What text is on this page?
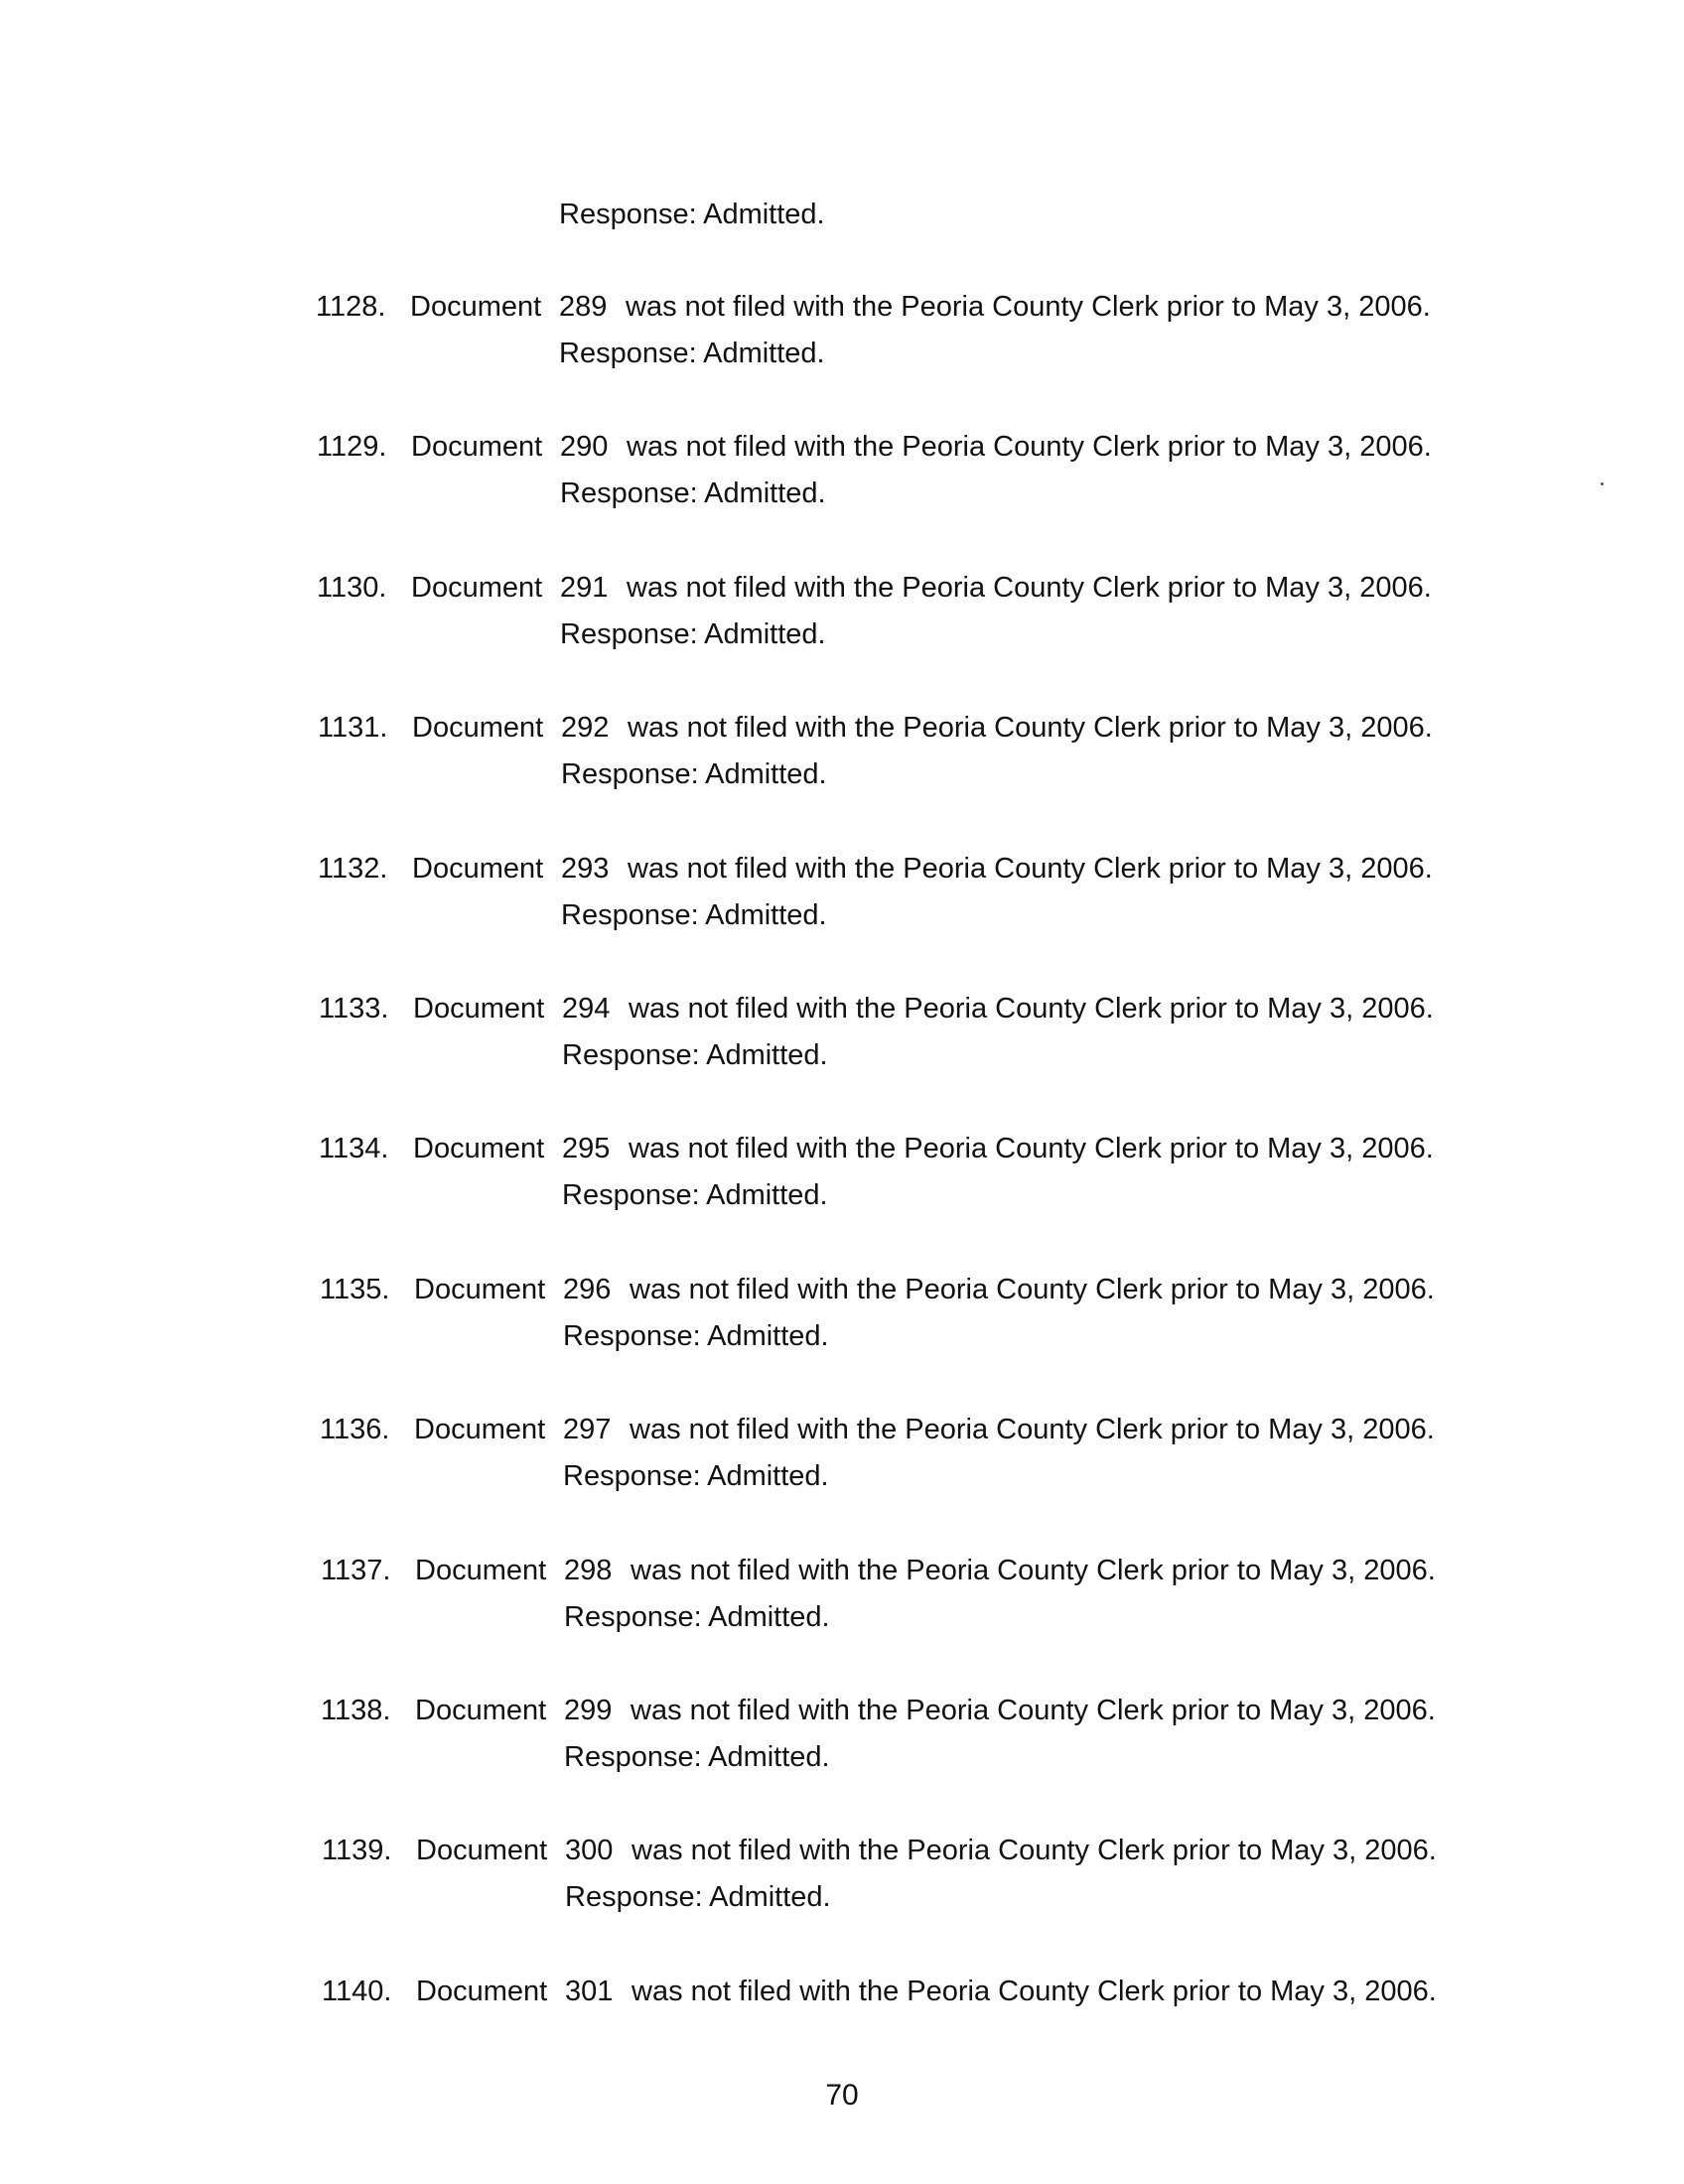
Response: Admitted.
1128. Document 289 was not filed with the Peoria County Clerk prior to May 3, 2006.
Response: Admitted.
1129. Document 290 was not filed with the Peoria County Clerk prior to May 3, 2006.
Response: Admitted.
1130. Document 291 was not filed with the Peoria County Clerk prior to May 3, 2006.
Response: Admitted.
1131. Document 292 was not filed with the Peoria County Clerk prior to May 3, 2006.
Response: Admitted.
1132. Document 293 was not filed with the Peoria County Clerk prior to May 3, 2006.
Response: Admitted.
1133. Document 294 was not filed with the Peoria County Clerk prior to May 3, 2006.
Response: Admitted.
1134. Document 295 was not filed with the Peoria County Clerk prior to May 3, 2006.
Response: Admitted.
1135. Document 296 was not filed with the Peoria County Clerk prior to May 3, 2006.
Response: Admitted.
1136. Document 297 was not filed with the Peoria County Clerk prior to May 3, 2006.
Response: Admitted.
1137. Document 298 was not filed with the Peoria County Clerk prior to May 3, 2006.
Response: Admitted.
1138. Document 299 was not filed with the Peoria County Clerk prior to May 3, 2006.
Response: Admitted.
1139. Document 300 was not filed with the Peoria County Clerk prior to May 3, 2006.
Response: Admitted.
1140. Document 301 was not filed with the Peoria County Clerk prior to May 3, 2006.
70
